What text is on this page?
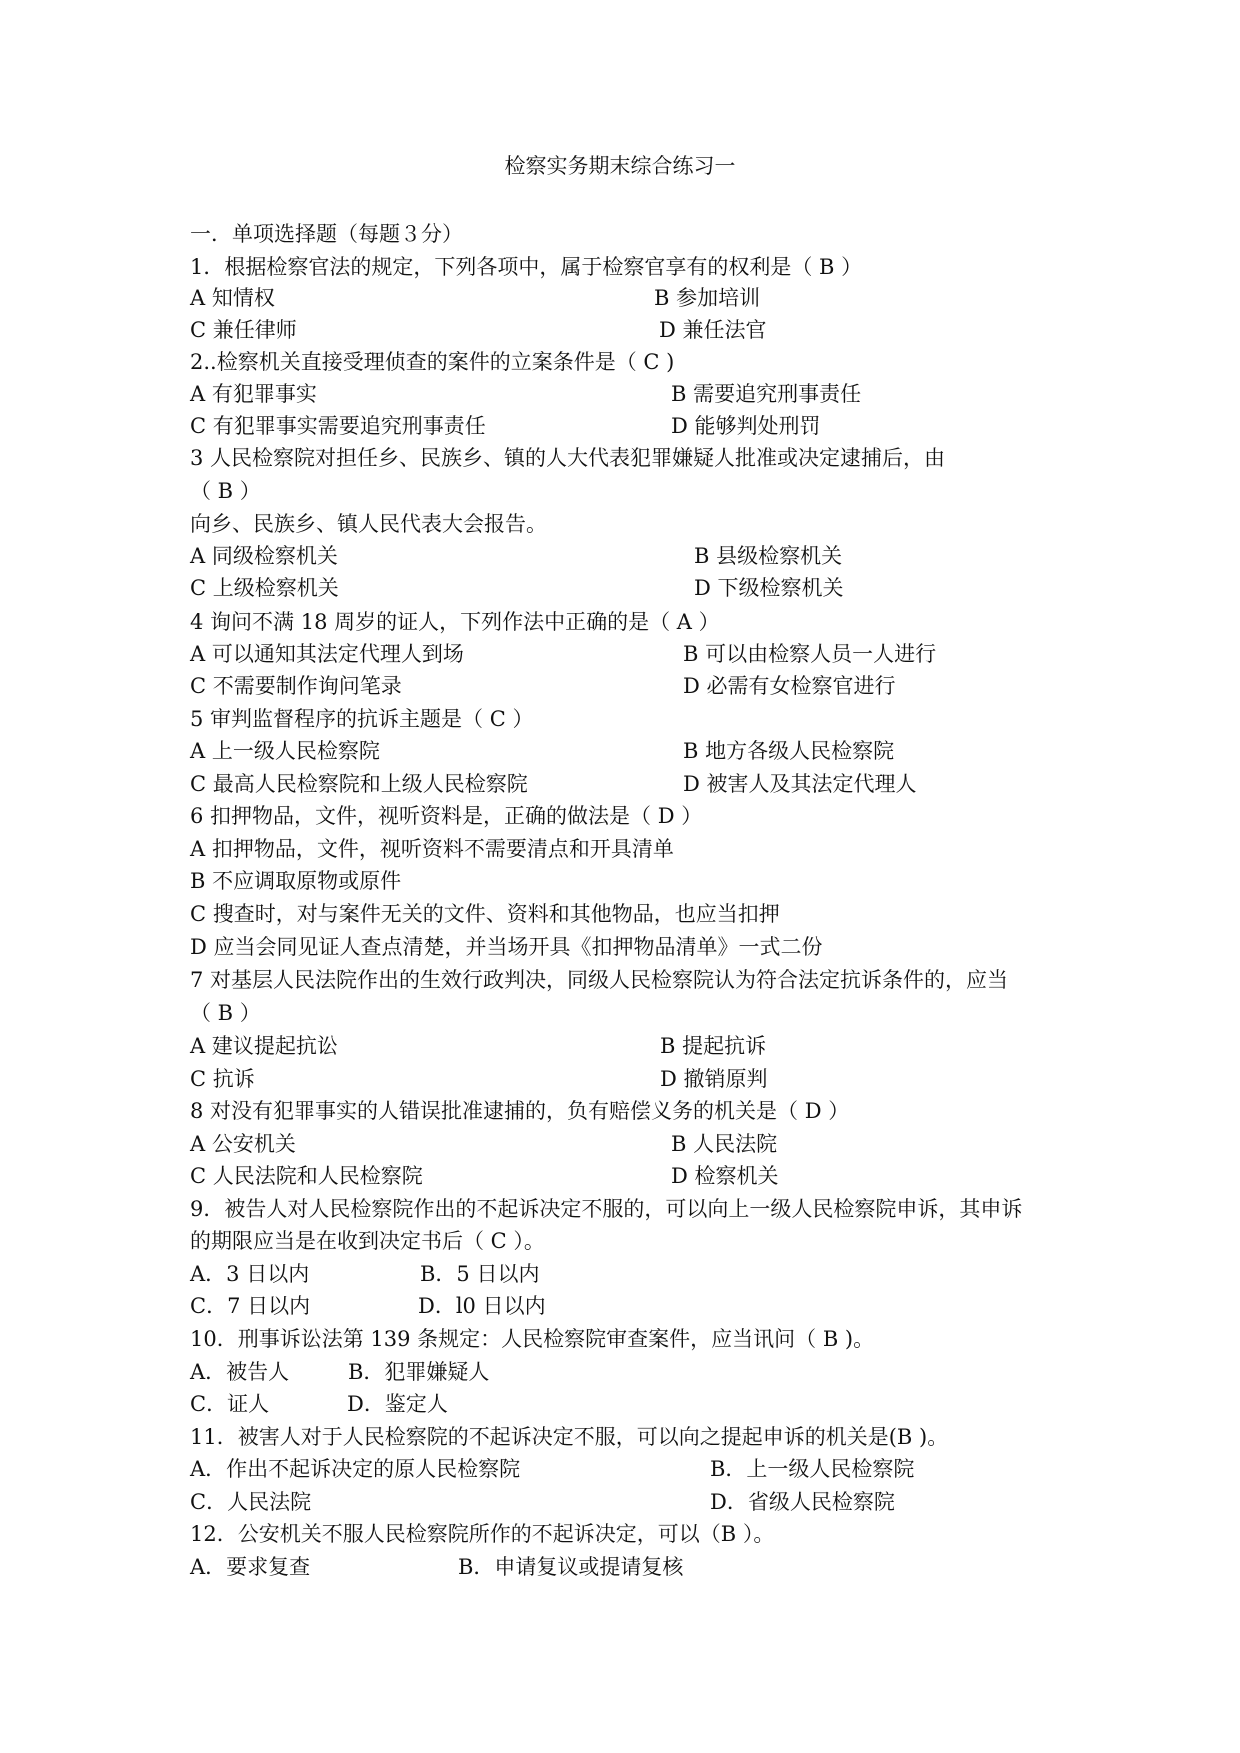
检察实务期末综合练习一
一．单项选择题（每题３分）
1．根据检察官法的规定，下列各项中，属于检察官享有的权利是（ B ）
A 知情权	B 参加培训
C 兼任律师	D 兼任法官
2..检察机关直接受理侦查的案件的立案条件是（ C )
A 有犯罪事实	B 需要追究刑事责任
C 有犯罪事实需要追究刑事责任	D 能够判处刑罚
3 人民检察院对担任乡、民族乡、镇的人大代表犯罪嫌疑人批准或决定逮捕后，由
（ B ）
向乡、民族乡、镇人民代表大会报告。
A 同级检察机关	B 县级检察机关
C 上级检察机关	D 下级检察机关
4 询问不满 18 周岁的证人，下列作法中正确的是（ A ）
A 可以通知其法定代理人到场	B 可以由检察人员一人进行
C 不需要制作询问笔录	D 必需有女检察官进行
5 审判监督程序的抗诉主题是（ C ）
A 上一级人民检察院	B 地方各级人民检察院
C 最高人民检察院和上级人民检察院	D 被害人及其法定代理人
6 扣押物品，文件，视听资料是，正确的做法是（ D ）
A 扣押物品，文件，视听资料不需要清点和开具清单
B 不应调取原物或原件
C 搜查时，对与案件无关的文件、资料和其他物品，也应当扣押
D 应当会同见证人查点清楚，并当场开具《扣押物品清单》一式二份
7 对基层人民法院作出的生效行政判决，同级人民检察院认为符合法定抗诉条件的，应当
（ B ）
A 建议提起抗讼	B 提起抗诉
C 抗诉	D 撤销原判
8 对没有犯罪事实的人错误批准逮捕的，负有赔偿义务的机关是（ D ）
A 公安机关	B 人民法院
C 人民法院和人民检察院	D 检察机关
9．被告人对人民检察院作出的不起诉决定不服的，可以向上一级人民检察院申诉，其申诉
的期限应当是在收到决定书后（ C ）。
A．3 日以内	B．5 日以内
C．7 日以内	D．l0 日以内
10．刑事诉讼法第 139 条规定：人民检察院审查案件，应当讯问（ B )。
A．被告人	B．犯罪嫌疑人
C．证人	D．鉴定人
11．被害人对于人民检察院的不起诉决定不服，可以向之提起申诉的机关是(B )。
A．作出不起诉决定的原人民检察院	B．上一级人民检察院
C．人民法院	D．省级人民检察院
12．公安机关不服人民检察院所作的不起诉决定，可以（B ）。
A．要求复查	B．申请复议或提请复核
